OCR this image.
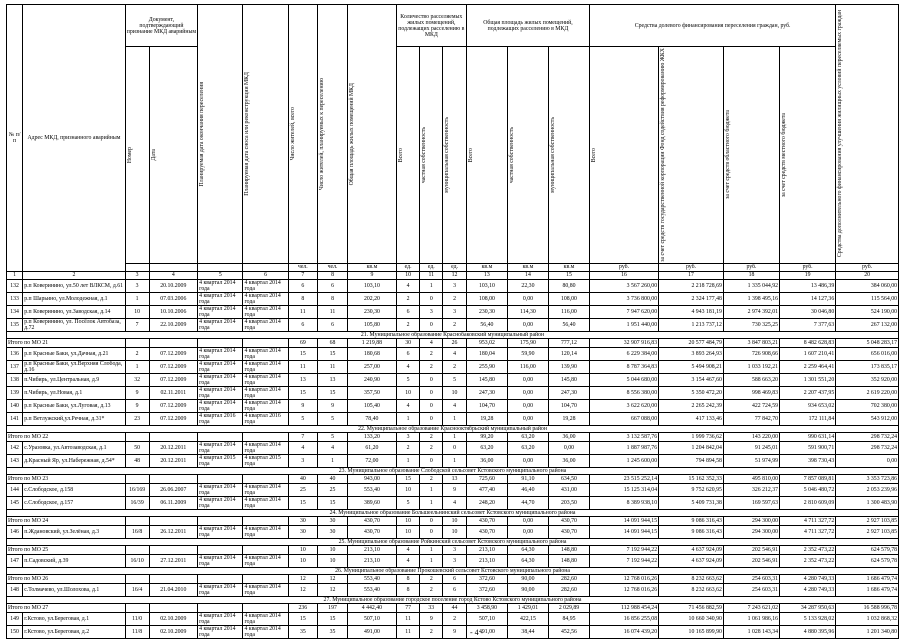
№ п/п	Адрес МКД, признанного аварийным	Документ, подтверждающий признание МКД аварийным		Планируемая дата окончания переселения	Планируемая дата сноса или реконструкции МКД	Число жителей, всего	Число жителей, планируемых к переселению	Общая площадь жилых помещений МКД	Количество расселяемых жилых помещений, подлежащих расселению в МКД			Общая площадь жилых помещений, подлежащих расселению в МКД			Средства долевого финансирования переселения граждан, руб.				Средства дополнительного финансирования улучшения жилищных условий переселяемых граждан

		Номер	Дата						Всего	частная собственность	муниципальная собственность	Всего	частная собственность	муниципальная собственность	Всего	за счет средств государственной корпорации Фонд содействия реформированию ЖКХ	за счет средств областного бюджета	за счет средств местного бюджета	

						чел.	чел.	кв.м	ед.	ед.	ед.	кв.м	кв.м	кв.м	руб.	руб.	руб.	руб.	руб.
1	2	3	4	5	6	7	8	9	10	11	12	13	14	15	16	17	18	19	20
132	р.п Коверинино, ул.50 лет ВЛКСМ, д.61	3	20.10.2009	4 квартал 2014 года	4 квартал 2014 года	6	6	103,10	4	1	3	103,10	22,30	80,80	3 567 260,00	2 218 728,69	1 335 044,92	13 486,39	384 060,00
133	р.п Шарьино, ул.Молодежная, д.1	1	07.03.2006	4 квартал 2014 года	4 квартал 2014 года	8	8	202,20	2	0	2	108,00	0,00	108,00	3 736 800,00	2 324 177,48	1 398 495,16	14 127,36	115 564,00
134	р.п Коверинино, ул.Заводская, д.14	10	10.10.2006	4 квартал 2014 года	4 квартал 2014 года	11	11	230,30	6	3	3	230,30	114,30	116,00	7 947 620,00	4 943 181,19	2 974 392,01	30 046,80	524 190,00
135	р.п Коверинино, ул. Посёлок Автобаза, д.72	7	22.10.2009	4 квартал 2014 года	4 квартал 2014 года	6	6	105,80	2	0	2	56,40	0,00	56,40	1 951 440,00	1 213 737,12	730 325,25	7 377,63	267 132,00
21. Муниципальное образование Краснобаковский муниципальный район																			
Итого по МО 21						69	68	1 219,88	30	4	26	953,02	175,90	777,12	32 907 916,83	20 577 484,79	3 847 803,21	8 482 628,83	5 048 283,17
136	р.п Красные Баки, ул.Дачная, д.21	2	07.12.2009	4 квартал 2014 года	4 квартал 2014 года	15	15	180,68	6	2	4	180,04	59,90	120,14	6 229 384,00	3 893 264,93	726 908,66	1 607 210,41	656 016,00
137	р.п Красные Баки, ул.Верхняя Слобода, д.16	1	07.12.2009	4 квартал 2014 года	4 квартал 2014 года	11	11	257,00	4	2	2	255,90	116,00	139,90	8 787 364,83	5 494 908,21	1 033 192,21	2 259 464,41	173 835,17
138	п.Чибирь, ул.Центральная, д.9	32	07.12.2009	4 квартал 2014 года	4 квартал 2014 года	13	13	240,90	5	0	5	145,80	0,00	145,80	5 044 680,00	3 154 467,60	588 663,20	1 301 551,20	352 920,00
139	п.Чибирь, ул.Новая, д.1	9	02.11.2011	4 квартал 2014 года	4 квартал 2014 года	15	15	357,50	10	0	10	247,30	0,00	247,30	8 556 380,00	5 350 472,20	998 469,83	2 207 437,95	2 619 220,00
140	р.п Красные Баки, ул.Луговая, д.13	9	07.12.2009	4 квартал 2014 года	4 квартал 2014 года	9	9	105,40	4	0	4	104,70	0,00	104,70	3 622 620,00	2 265 242,39	422 724,59	934 653,02	702 380,00
141	р.п Ветлужский,ул.Речная, д.31*	23	07.12.2009	4 квартал 2016 года	4 квартал 2016 года	5	5	78,40	1	0	1	19,28	0,00	19,28	667 088,00	417 133,46	77 842,70	172 111,84	543 912,00
22. Муниципальное образование Краснооктябрьский муниципальный район																			
Итого по МО 22						7	5	133,20	3	2	1	99,20	63,20	36,00	3 132 587,76	1 999 736,62	143 220,00	990 631,14	298 732,24
142	с.Уразовка, ул.Автозаводская, д.1	50	20.12.2011	4 квартал 2014 года	4 квартал 2014 года	4	4	61,20	2	2	0	63,20	63,20	0,00	1 887 987,76	1 204 842,04	91 245,01	591 900,71	298 732,24
143	д.Красный Яр, ул.Набережная, д.54*	48	20.12.2011	4 квартал 2015 года	4 квартал 2015 года	3	1	72,00	1	0	1	36,00	0,00	36,00	1 245 600,00	794 894,58	51 974,99	398 730,43	0,00
23. Муниципальное образование Слободской сельсовет Кстовского муниципального района																			
Итого по МО 23						40	40	943,00	15	2	13	725,60	91,10	634,50	23 515 252,14	15 162 352,33	495 810,00	7 857 089,81	3 353 723,86
144	с.Слободское, д.158	16/169	26.06.2007	4 квартал 2014 года	4 квартал 2014 года	25	25	553,40	10	1	9	477,40	46,40	431,00	15 125 314,04	9 752 620,95	326 212,37	5 046 480,72	2 053 239,96
145	с.Слободское, д.157	16/39	06.11.2009	4 квартал 2014 года	4 квартал 2014 года	15	15	389,60	5	1	4	248,20	44,70	203,50	8 389 938,10	5 409 731,38	169 597,63	2 810 609,09	1 300 483,90
24. Муниципальное образование Большеельнинский сельсовет Кстовского муниципального района																			
Итого по МО 24						30	30	430,70	10	0	10	430,70	0,00	430,70	14 091 944,15	9 086 316,43	294 300,00	4 711 327,72	2 927 103,85
146	п.Ждановский, ул.Зелёная, д.3	16/8	26.12.2011	4 квартал 2014 года	4 квартал 2014 года	30	30	430,70	10	0	10	430,70	0,00	430,70	14 091 944,15	9 086 316,43	294 300,00	4 711 327,72	2 927 103,85
25. Муниципальное образование Ройкинский сельсовет Кстовского муниципального района																			
Итого по МО 25						10	10	213,10	4	1	3	213,10	64,30	148,80	7 192 944,22	4 637 924,09	202 546,91	2 352 473,22	624 579,78
147	п.Садовский, д.39	16/10	27.12.2011	4 квартал 2014 года	4 квартал 2014 года	10	10	213,10	4	1	3	213,10	64,30	148,80	7 192 944,22	4 637 924,09	202 546,91	2 352 473,22	624 579,78
26. Муниципальное образование Прокошевский сельсовет Кстовского муниципального района																			
Итого по МО 26						12	12	553,40	8	2	6	372,60	90,00	282,60	12 768 016,26	8 232 663,62	254 603,31	4 280 749,33	1 686 479,74
148	с.Толмачево, ул.Шолохова, д.1	16/4	21.04.2010	4 квартал 2014 года	4 квартал 2014 года	12	12	553,40	8	2	6	372,60	90,00	282,60	12 768 016,26	8 232 663,62	254 603,31	4 280 749,33	1 686 479,74
27. Муниципальное образование городское поселение город Кстово Кстовского муниципального района																			
Итого по МО 27						236	197	4 442,40	77	33	44	3 458,90	1 429,01	2 029,89	112 988 454,24	71 456 882,59	7 243 621,02	34 287 950,63	16 588 996,78
149	г.Кстово, ул.Береговая, д.1	11/0	02.10.2009	4 квартал 2014 года	4 квартал 2014 года	15	15	507,10	11	9	2	507,10	422,15	84,95	16 856 255,08	10 660 340,90	1 061 986,16	5 133 928,02	1 032 868,32
150	г.Кстово, ул.Береговая, д.2	11/8	02.10.2009	4 квартал 2014 года	4 квартал 2014 года	35	35	491,00	11	2	9	491,00	38,44	452,56	16 074 439,20	10 165 899,90	1 028 143,34	4 880 395,96	1 201 340,80
- 4 -
